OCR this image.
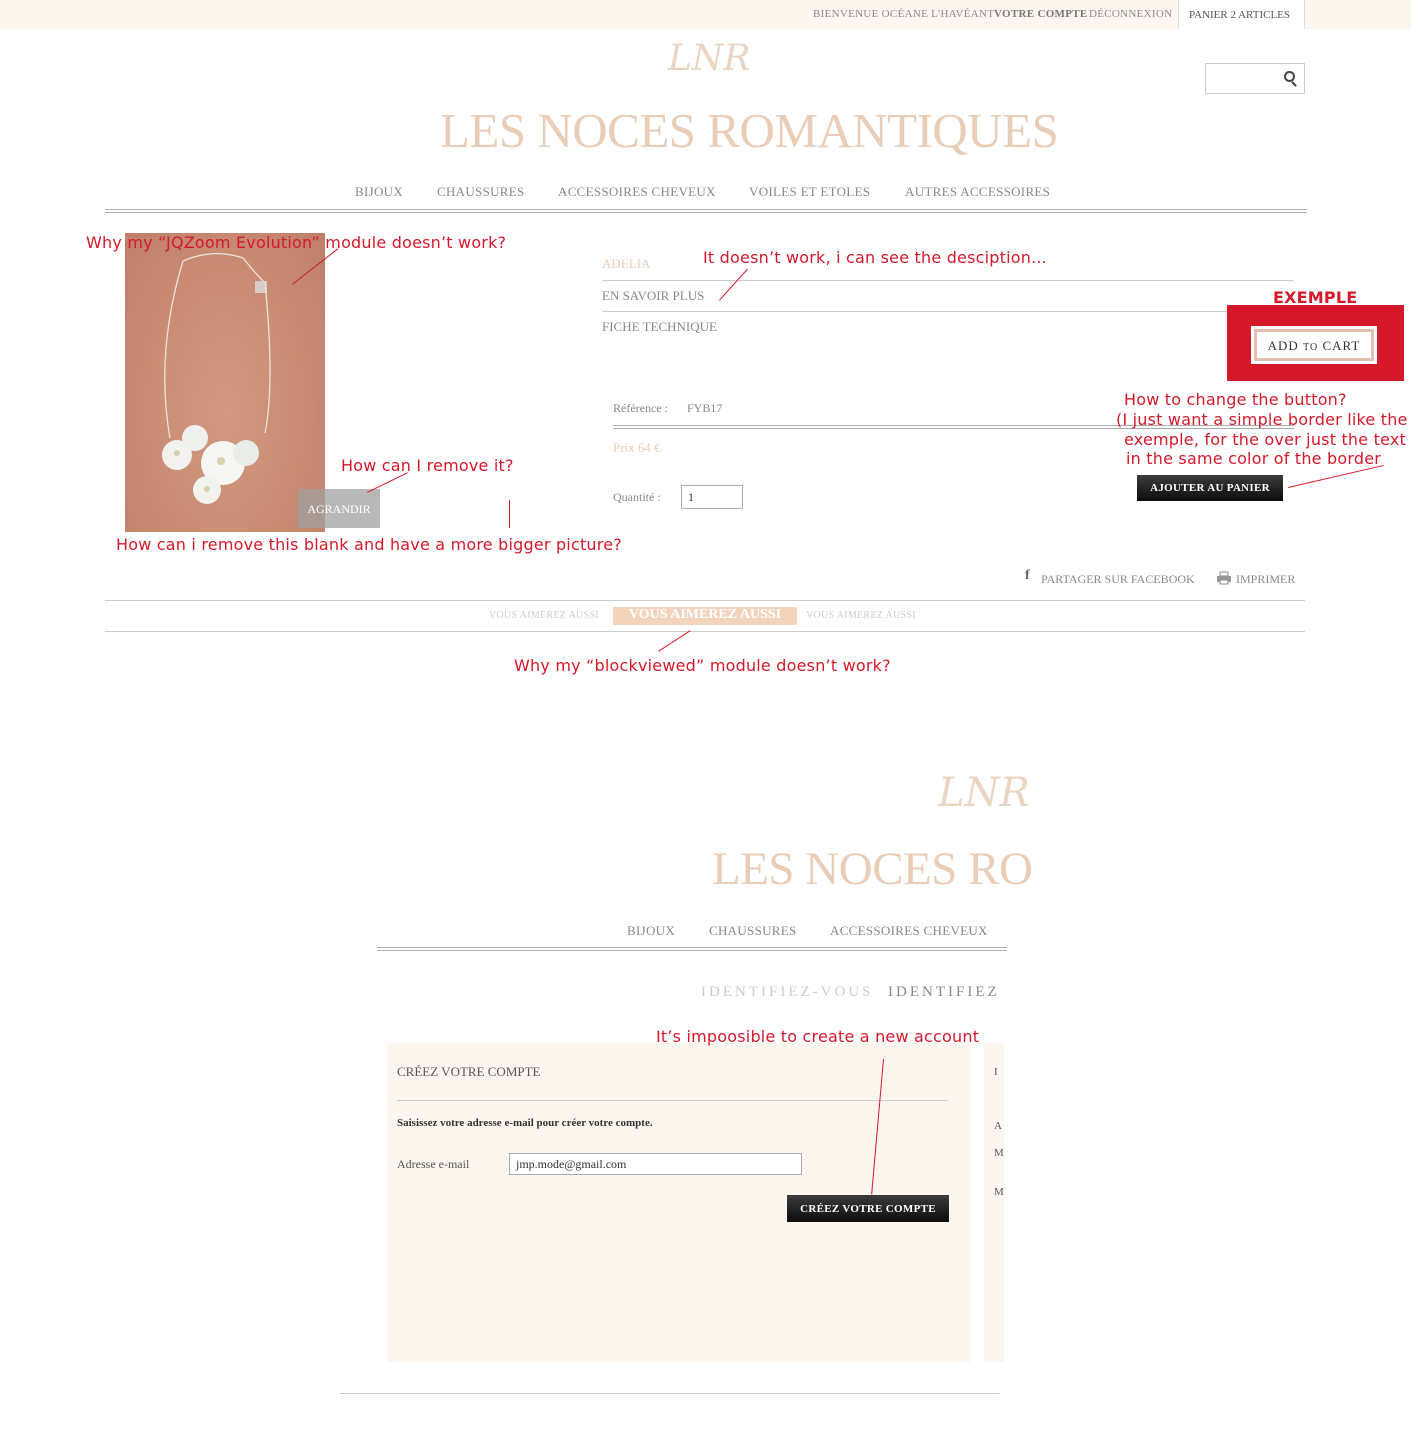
BIENVENUE OCÉANE L'HAVÉANT VOTRE COMPTE DÉCONNEXION	PANIER 2 ARTICLES
LNR
LES NOCES ROMANTIQUES
BIJOUX	CHAUSSURES	ACCESSOIRES CHEVEUX	VOILES ET ETOLES	AUTRES ACCESSOIRES
AGRANDIR
ADELIA
EN SAVOIR PLUS
FICHE TECHNIQUE
Référence : FYB17
Prix 64 €
Quantité :	1
AJOUTER AU PANIER
f PARTAGER SUR FACEBOOK	IMPRIMER
VOUS AIMEREZ AUSSI	VOUS AIMEREZ AUSSI	VOUS AIMEREZ AUSSI
EXEMPLE
ADD TO CART
Why my “JQZoom Evolution” module doesn’t work?
It doesn’t work, i can see the desciption...
How can I remove it?
How can i remove this blank and have a more bigger picture?
How to change the button?
(I just want a simple border like the
exemple, for the over just the text
in the same color of the border
Why my “blockviewed” module doesn’t work?
LNR
LES NOCES RO
BIJOUX	CHAUSSURES	ACCESSOIRES CHEVEUX
IDENTIFIEZ-VOUS IDENTIFIEZ
I
A
M
M
CRÉEZ VOTRE COMPTE
Saisissez votre adresse e-mail pour créer votre compte.
Adresse e-mail	jmp.mode@gmail.com
CRÉEZ VOTRE COMPTE
It’s impoosible to create a new account
